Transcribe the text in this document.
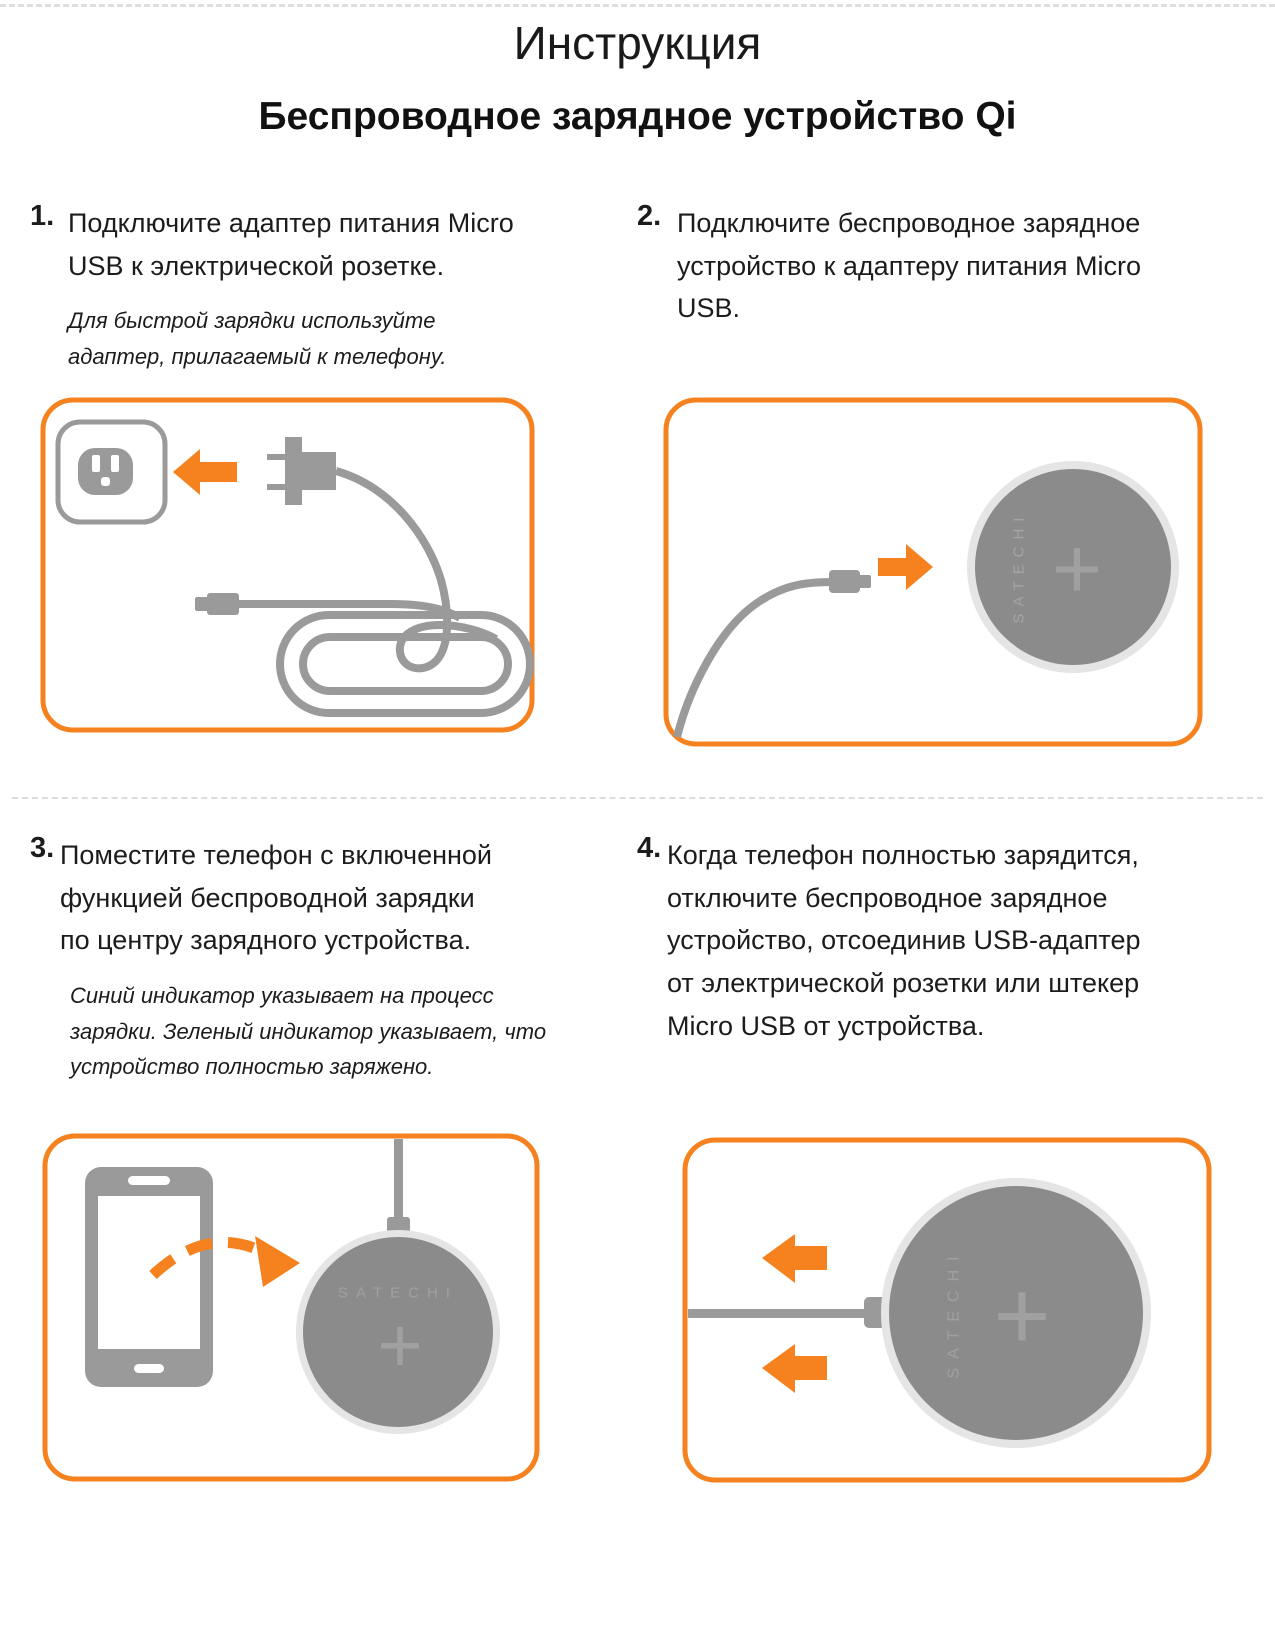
Инструкция
Беспроводное зарядное устройство Qi
1. Подключите адаптер питания Micro USB к электрической розетке.
Для быстрой зарядки используйте адаптер, прилагаемый к телефону.
2. Подключите беспроводное зарядное устройство к адаптеру питания Micro USB.
SATECHI +
3. Поместите телефон с включенной функцией беспроводной зарядки по центру зарядного устройства.
Синий индикатор указывает на процесс зарядки. Зеленый индикатор указывает, что устройство полностью заряжено.
4. Когда телефон полностью зарядится, отключите беспроводное зарядное устройство, отсоединив USB-адаптер от электрической розетки или штекер Micro USB от устройства.
SATECHI
+	SATECHI +
